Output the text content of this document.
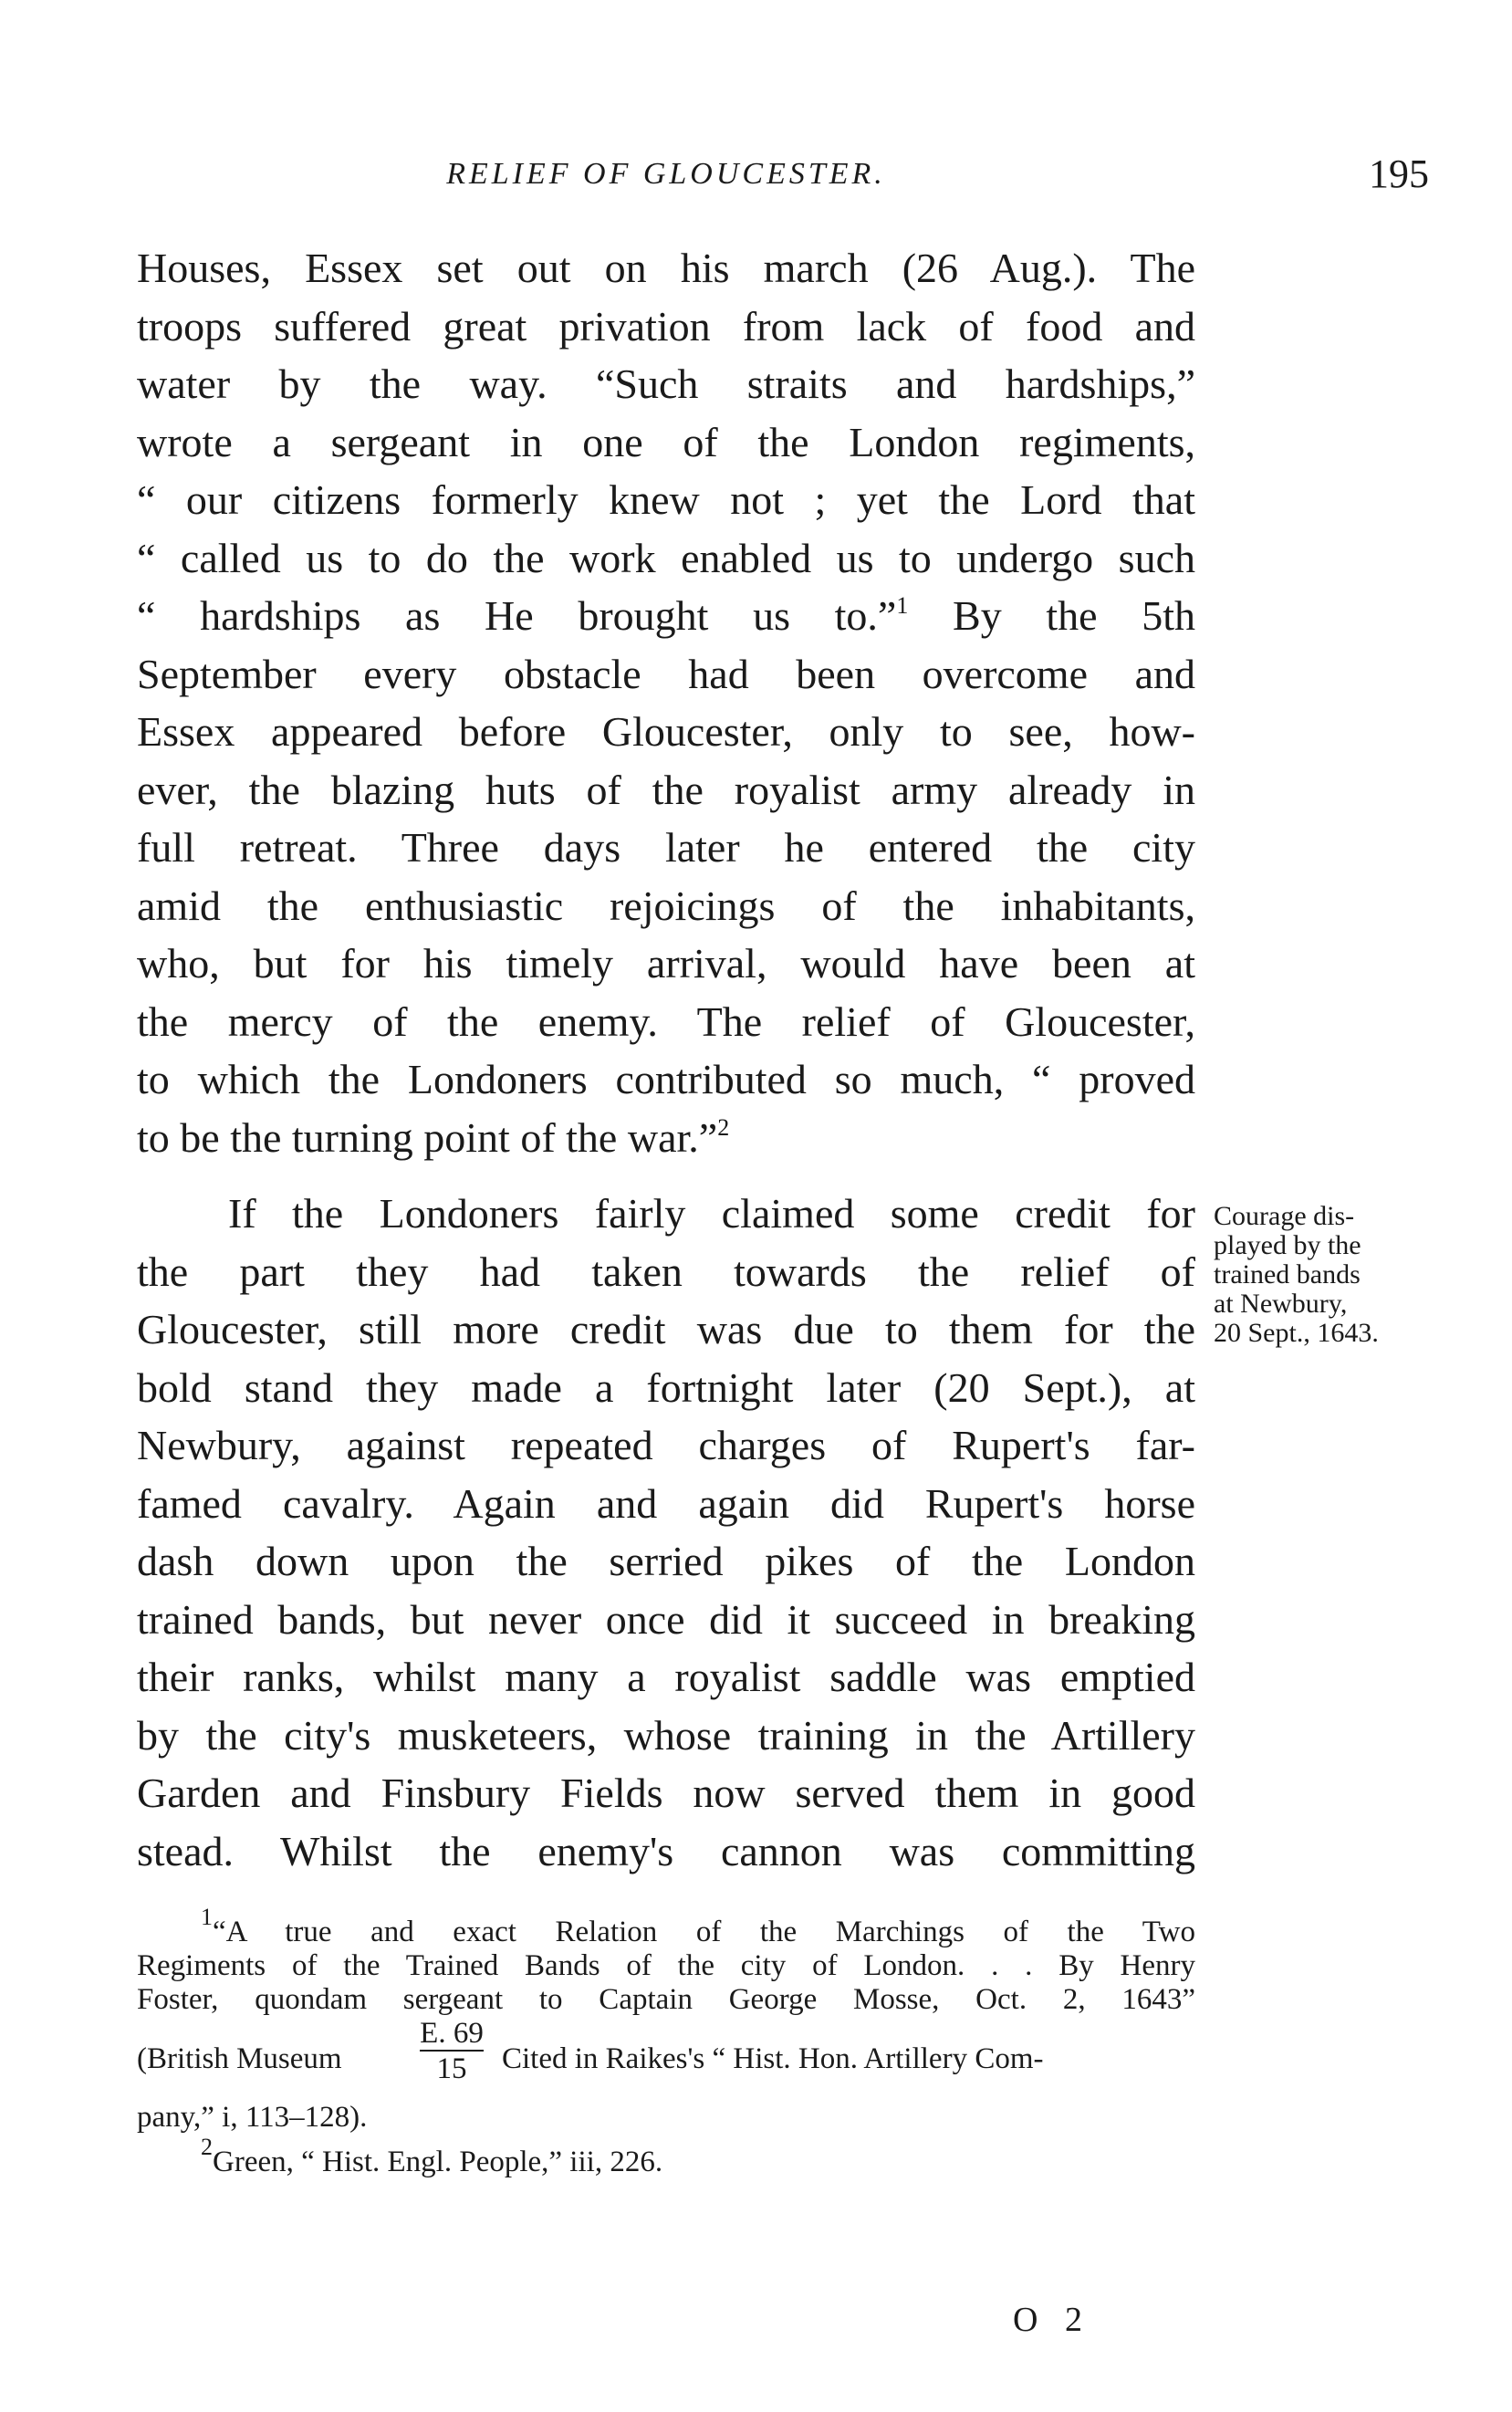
RELIEF OF GLOUCESTER.	195
Houses, Essex set out on his march (26 Aug.). The
troops suffered great privation from lack of food and
water by the way. “Such straits and hardships,”
wrote a sergeant in one of the London regiments,
“ our citizens formerly knew not ; yet the Lord that
“ called us to do the work enabled us to undergo such
“ hardships as He brought us to.”$^1$ By the 5th
September every obstacle had been overcome and
Essex appeared before Gloucester, only to see, how-
ever, the blazing huts of the royalist army already in
full retreat. Three days later he entered the city
amid the enthusiastic rejoicings of the inhabitants,
who, but for his timely arrival, would have been at
the mercy of the enemy. The relief of Gloucester,
to which the Londoners contributed so much, “ proved
to be the turning point of the war.”$^2$
If the Londoners fairly claimed some credit for
the part they had taken towards the relief of
Gloucester, still more credit was due to them for the
bold stand they made a fortnight later (20 Sept.), at
Newbury, against repeated charges of Rupert's far-
famed cavalry. Again and again did Rupert's horse
dash down upon the serried pikes of the London
trained bands, but never once did it succeed in breaking
their ranks, whilst many a royalist saddle was emptied
by the city's musketeers, whose training in the Artillery
Garden and Finsbury Fields now served them in good
stead. Whilst the enemy's cannon was committing
Courage dis-
played by the
trained bands
at Newbury,
20 Sept., 1643.
$^1$“A true and exact Relation of the Marchings of the Two
Regiments of the Trained Bands of the city of London. . . By Henry
Foster, quondam sergeant to Captain George Mosse, Oct. 2, 1643”
(British Museum	$\frac{E. 69}{15}$ Cited in Raikes's “ Hist. Hon. Artillery Com-
pany,” i, 113–128).
$^2$Green, “ Hist. Engl. People,” iii, 226.
O 2
